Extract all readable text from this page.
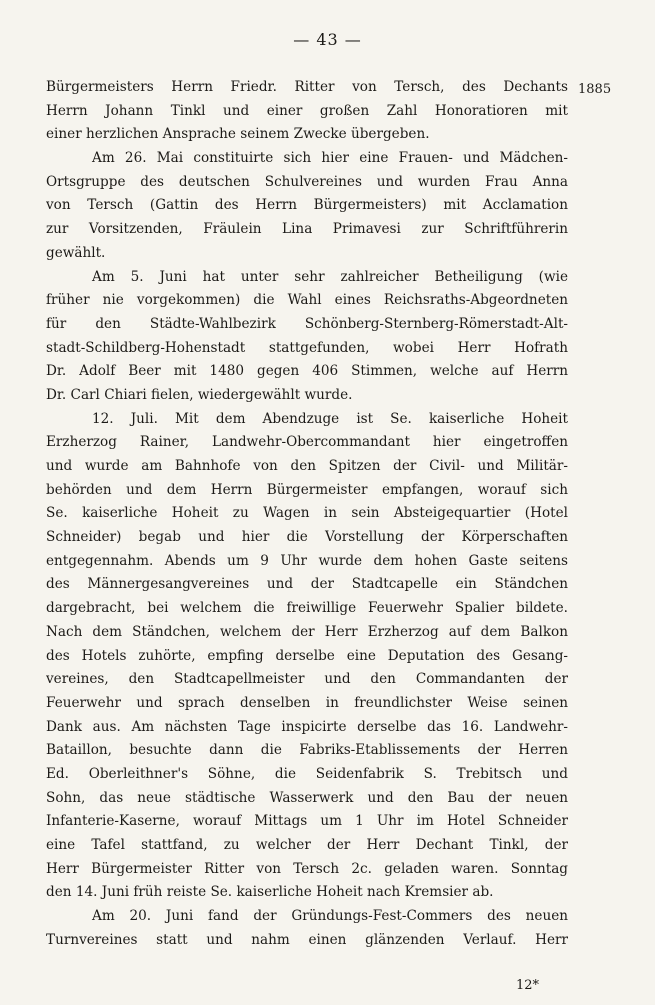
— 43 —
1885
Bürgermeisters Herrn Friedr. Ritter von Tersch, des Dechants
Herrn Johann Tinkl und einer großen Zahl Honoratioren mit
einer herzlichen Ansprache seinem Zwecke übergeben.
Am 26. Mai constituirte sich hier eine Frauen- und Mädchen-
Ortsgruppe des deutschen Schulvereines und wurden Frau Anna
von Tersch (Gattin des Herrn Bürgermeisters) mit Acclamation
zur Vorsitzenden, Fräulein Lina Primavesi zur Schriftführerin
gewählt.
Am 5. Juni hat unter sehr zahlreicher Betheiligung (wie
früher nie vorgekommen) die Wahl eines Reichsraths-Abgeordneten
für den Städte-Wahlbezirk Schönberg-Sternberg-Römerstadt-Alt-
stadt-Schildberg-Hohenstadt stattgefunden, wobei Herr Hofrath
Dr. Adolf Beer mit 1480 gegen 406 Stimmen, welche auf Herrn
Dr. Carl Chiari fielen, wiedergewählt wurde.
12. Juli. Mit dem Abendzuge ist Se. kaiserliche Hoheit
Erzherzog Rainer, Landwehr-Obercommandant hier eingetroffen
und wurde am Bahnhofe von den Spitzen der Civil- und Militär-
behörden und dem Herrn Bürgermeister empfangen, worauf sich
Se. kaiserliche Hoheit zu Wagen in sein Absteigequartier (Hotel
Schneider) begab und hier die Vorstellung der Körperschaften
entgegennahm. Abends um 9 Uhr wurde dem hohen Gaste seitens
des Männergesangvereines und der Stadtcapelle ein Ständchen
dargebracht, bei welchem die freiwillige Feuerwehr Spalier bildete.
Nach dem Ständchen, welchem der Herr Erzherzog auf dem Balkon
des Hotels zuhörte, empfing derselbe eine Deputation des Gesang-
vereines, den Stadtcapellmeister und den Commandanten der
Feuerwehr und sprach denselben in freundlichster Weise seinen
Dank aus. Am nächsten Tage inspicirte derselbe das 16. Landwehr-
Bataillon, besuchte dann die Fabriks-Etablissements der Herren
Ed. Oberleithner's Söhne, die Seidenfabrik S. Trebitsch und
Sohn, das neue städtische Wasserwerk und den Bau der neuen
Infanterie-Kaserne, worauf Mittags um 1 Uhr im Hotel Schneider
eine Tafel stattfand, zu welcher der Herr Dechant Tinkl, der
Herr Bürgermeister Ritter von Tersch 2c. geladen waren. Sonntag
den 14. Juni früh reiste Se. kaiserliche Hoheit nach Kremsier ab.
Am 20. Juni fand der Gründungs-Fest-Commers des neuen
Turnvereines statt und nahm einen glänzenden Verlauf. Herr
12*
